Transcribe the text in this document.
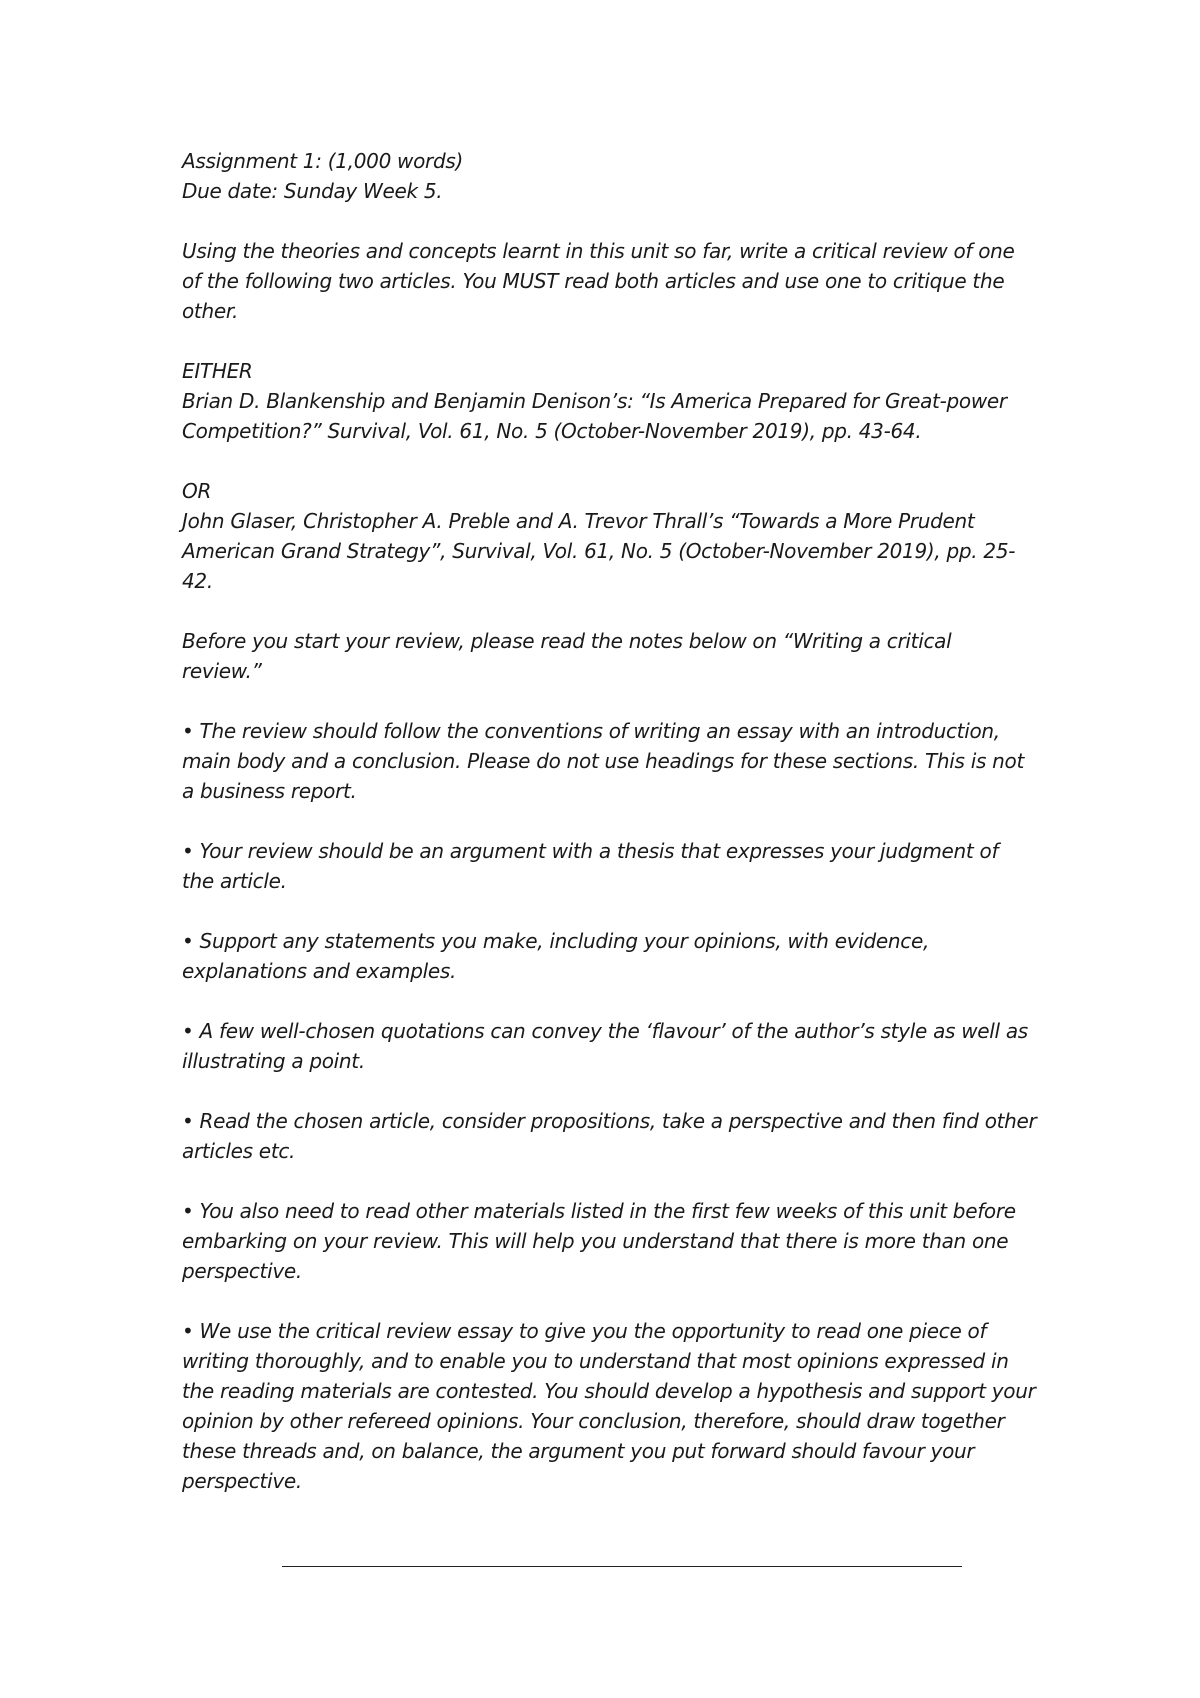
Assignment 1: (1,000 words)
Due date: Sunday Week 5.
Using the theories and concepts learnt in this unit so far, write a critical review of one
of the following two articles. You MUST read both articles and use one to critique the
other.
EITHER
Brian D. Blankenship and Benjamin Denison’s: “Is America Prepared for Great-power
Competition?” Survival, Vol. 61, No. 5 (October-November 2019), pp. 43-64.
OR
John Glaser, Christopher A. Preble and A. Trevor Thrall’s “Towards a More Prudent
American Grand Strategy”, Survival, Vol. 61, No. 5 (October-November 2019), pp. 25-
42.
Before you start your review, please read the notes below on “Writing a critical
review.”
• The review should follow the conventions of writing an essay with an introduction,
main body and a conclusion. Please do not use headings for these sections. This is not
a business report.
• Your review should be an argument with a thesis that expresses your judgment of
the article.
• Support any statements you make, including your opinions, with evidence,
explanations and examples.
• A few well-chosen quotations can convey the ‘flavour’ of the author’s style as well as
illustrating a point.
• Read the chosen article, consider propositions, take a perspective and then find other
articles etc.
• You also need to read other materials listed in the first few weeks of this unit before
embarking on your review. This will help you understand that there is more than one
perspective.
• We use the critical review essay to give you the opportunity to read one piece of
writing thoroughly, and to enable you to understand that most opinions expressed in
the reading materials are contested. You should develop a hypothesis and support your
opinion by other refereed opinions. Your conclusion, therefore, should draw together
these threads and, on balance, the argument you put forward should favour your
perspective.
